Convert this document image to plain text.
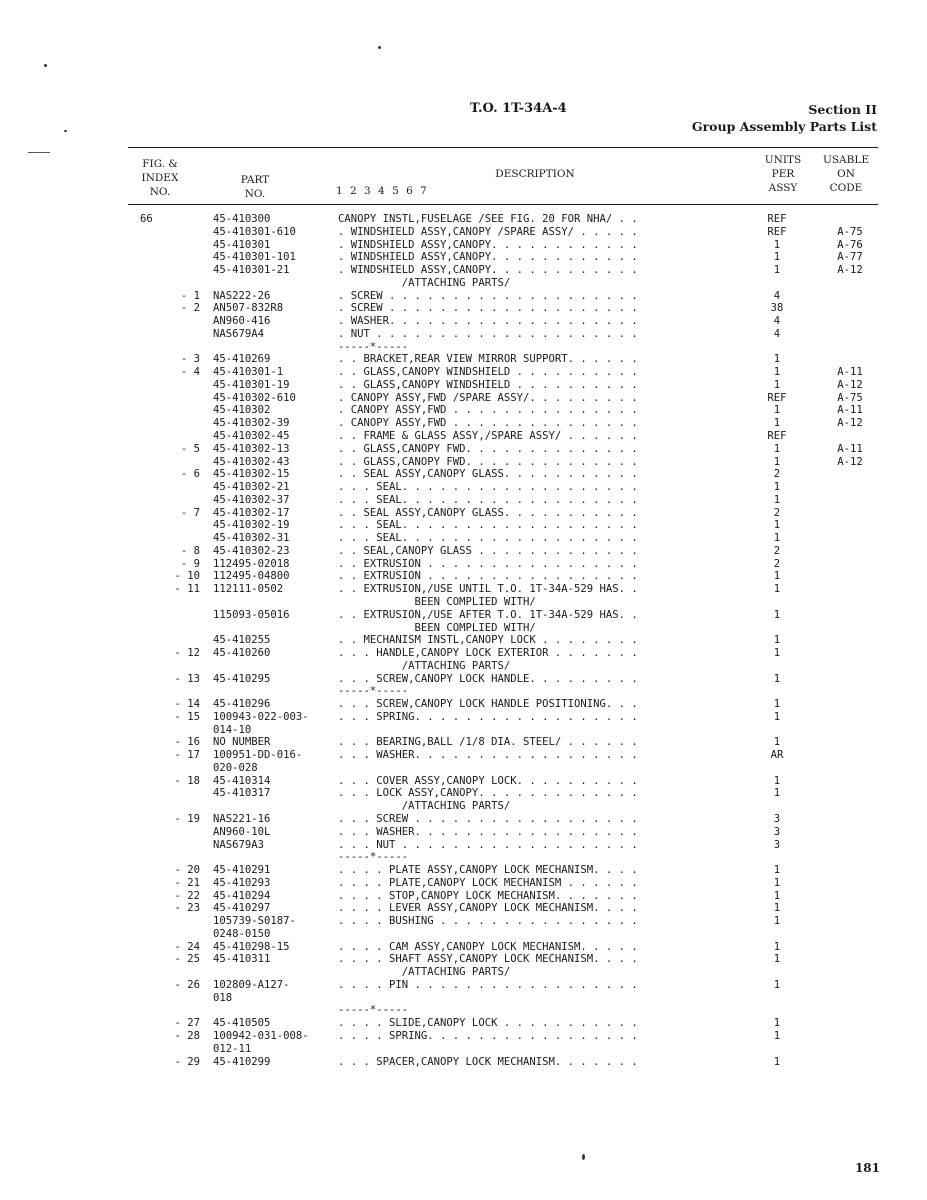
T.O. 1T-34A-4	Section II
Group Assembly Parts List
FIG. &
INDEX
NO.
PART
NO.
DESCRIPTION
1 2 3 4 5 6 7
UNITS
PER
ASSY
USABLE
ON
CODE
66	45-410300	CANOPY INSTL,FUSELAGE /SEE FIG. 20 FOR NHA/ . .	REF
45-410301-610	. WINDSHIELD ASSY,CANOPY /SPARE ASSY/ . . . . .	REF	A-75
45-410301	. WINDSHIELD ASSY,CANOPY. . . . . . . . . . . .	1	A-76
45-410301-101	. WINDSHIELD ASSY,CANOPY. . . . . . . . . . . .	1	A-77
45-410301-21	. WINDSHIELD ASSY,CANOPY. . . . . . . . . . . .	1	A-12
/ATTACHING PARTS/
- 1 NAS222-26	. SCREW . . . . . . . . . . . . . . . . . . . .	4
- 2 AN507-832R8	. SCREW . . . . . . . . . . . . . . . . . . . .	38
AN960-416	. WASHER. . . . . . . . . . . . . . . . . . . .	4
NAS679A4	. NUT . . . . . . . . . . . . . . . . . . . . .	4
-----*-----
- 3 45-410269	. . BRACKET,REAR VIEW MIRROR SUPPORT. . . . . .	1
- 4 45-410301-1	. . GLASS,CANOPY WINDSHIELD . . . . . . . . . .	1	A-11
45-410301-19	. . GLASS,CANOPY WINDSHIELD . . . . . . . . . .	1	A-12
45-410302-610	. CANOPY ASSY,FWD /SPARE ASSY/. . . . . . . . .	REF	A-75
45-410302	. CANOPY ASSY,FWD . . . . . . . . . . . . . . .	1	A-11
45-410302-39	. CANOPY ASSY,FWD . . . . . . . . . . . . . . .	1	A-12
45-410302-45	. . FRAME & GLASS ASSY,/SPARE ASSY/ . . . . . .	REF
- 5 45-410302-13	. . GLASS,CANOPY FWD. . . . . . . . . . . . . .	1	A-11
45-410302-43	. . GLASS,CANOPY FWD. . . . . . . . . . . . . .	1	A-12
- 6 45-410302-15	. . SEAL ASSY,CANOPY GLASS. . . . . . . . . . .	2
45-410302-21	. . . SEAL. . . . . . . . . . . . . . . . . . .	1
45-410302-37	. . . SEAL. . . . . . . . . . . . . . . . . . .	1
- 7 45-410302-17	. . SEAL ASSY,CANOPY GLASS. . . . . . . . . . .	2
45-410302-19	. . . SEAL. . . . . . . . . . . . . . . . . . .	1
45-410302-31	. . . SEAL. . . . . . . . . . . . . . . . . . .	1
- 8 45-410302-23	. . SEAL,CANOPY GLASS . . . . . . . . . . . . .	2
- 9 112495-02018	. . EXTRUSION . . . . . . . . . . . . . . . . .	2
- 10 112495-04800	. . EXTRUSION . . . . . . . . . . . . . . . . .	1
- 11 112111-0502	. . EXTRUSION,/USE UNTIL T.O. 1T-34A-529 HAS. .	1
BEEN COMPLIED WITH/
115093-05016	. . EXTRUSION,/USE AFTER T.O. 1T-34A-529 HAS. .	1
BEEN COMPLIED WITH/
45-410255	. . MECHANISM INSTL,CANOPY LOCK . . . . . . . .	1
- 12 45-410260	. . . HANDLE,CANOPY LOCK EXTERIOR . . . . . . .	1
/ATTACHING PARTS/
- 13 45-410295	. . . SCREW,CANOPY LOCK HANDLE. . . . . . . . .	1
-----*-----
- 14 45-410296	. . . SCREW,CANOPY LOCK HANDLE POSITIONING. . .	1
- 15 100943-022-003-	. . . SPRING. . . . . . . . . . . . . . . . . .	1
014-10
- 16 NO NUMBER	. . . BEARING,BALL /1/8 DIA. STEEL/ . . . . . .	1
- 17 100951-DD-016-	. . . WASHER. . . . . . . . . . . . . . . . . .	AR
020-028
- 18 45-410314	. . . COVER ASSY,CANOPY LOCK. . . . . . . . . .	1
45-410317	. . . LOCK ASSY,CANOPY. . . . . . . . . . . . .	1
/ATTACHING PARTS/
- 19 NAS221-16	. . . SCREW . . . . . . . . . . . . . . . . . .	3
AN960-10L	. . . WASHER. . . . . . . . . . . . . . . . . .	3
NAS679A3	. . . NUT . . . . . . . . . . . . . . . . . . .	3
-----*-----
- 20 45-410291	. . . . PLATE ASSY,CANOPY LOCK MECHANISM. . . .	1
- 21 45-410293	. . . . PLATE,CANOPY LOCK MECHANISM . . . . . .	1
- 22 45-410294	. . . . STOP,CANOPY LOCK MECHANISM. . . . . . .	1
- 23 45-410297	. . . . LEVER ASSY,CANOPY LOCK MECHANISM. . . .	1
105739-S0187-	. . . . BUSHING . . . . . . . . . . . . . . . .	1
0248-0150
- 24 45-410298-15	. . . . CAM ASSY,CANOPY LOCK MECHANISM. . . . .	1
- 25 45-410311	. . . . SHAFT ASSY,CANOPY LOCK MECHANISM. . . .	1
/ATTACHING PARTS/
- 26 102809-A127-	. . . . PIN . . . . . . . . . . . . . . . . . .	1
018
-----*-----
- 27 45-410505	. . . . SLIDE,CANOPY LOCK . . . . . . . . . . .	1
- 28 100942-031-008-	. . . . SPRING. . . . . . . . . . . . . . . . .	1
012-11
- 29 45-410299	. . . SPACER,CANOPY LOCK MECHANISM. . . . . . .	1
181
